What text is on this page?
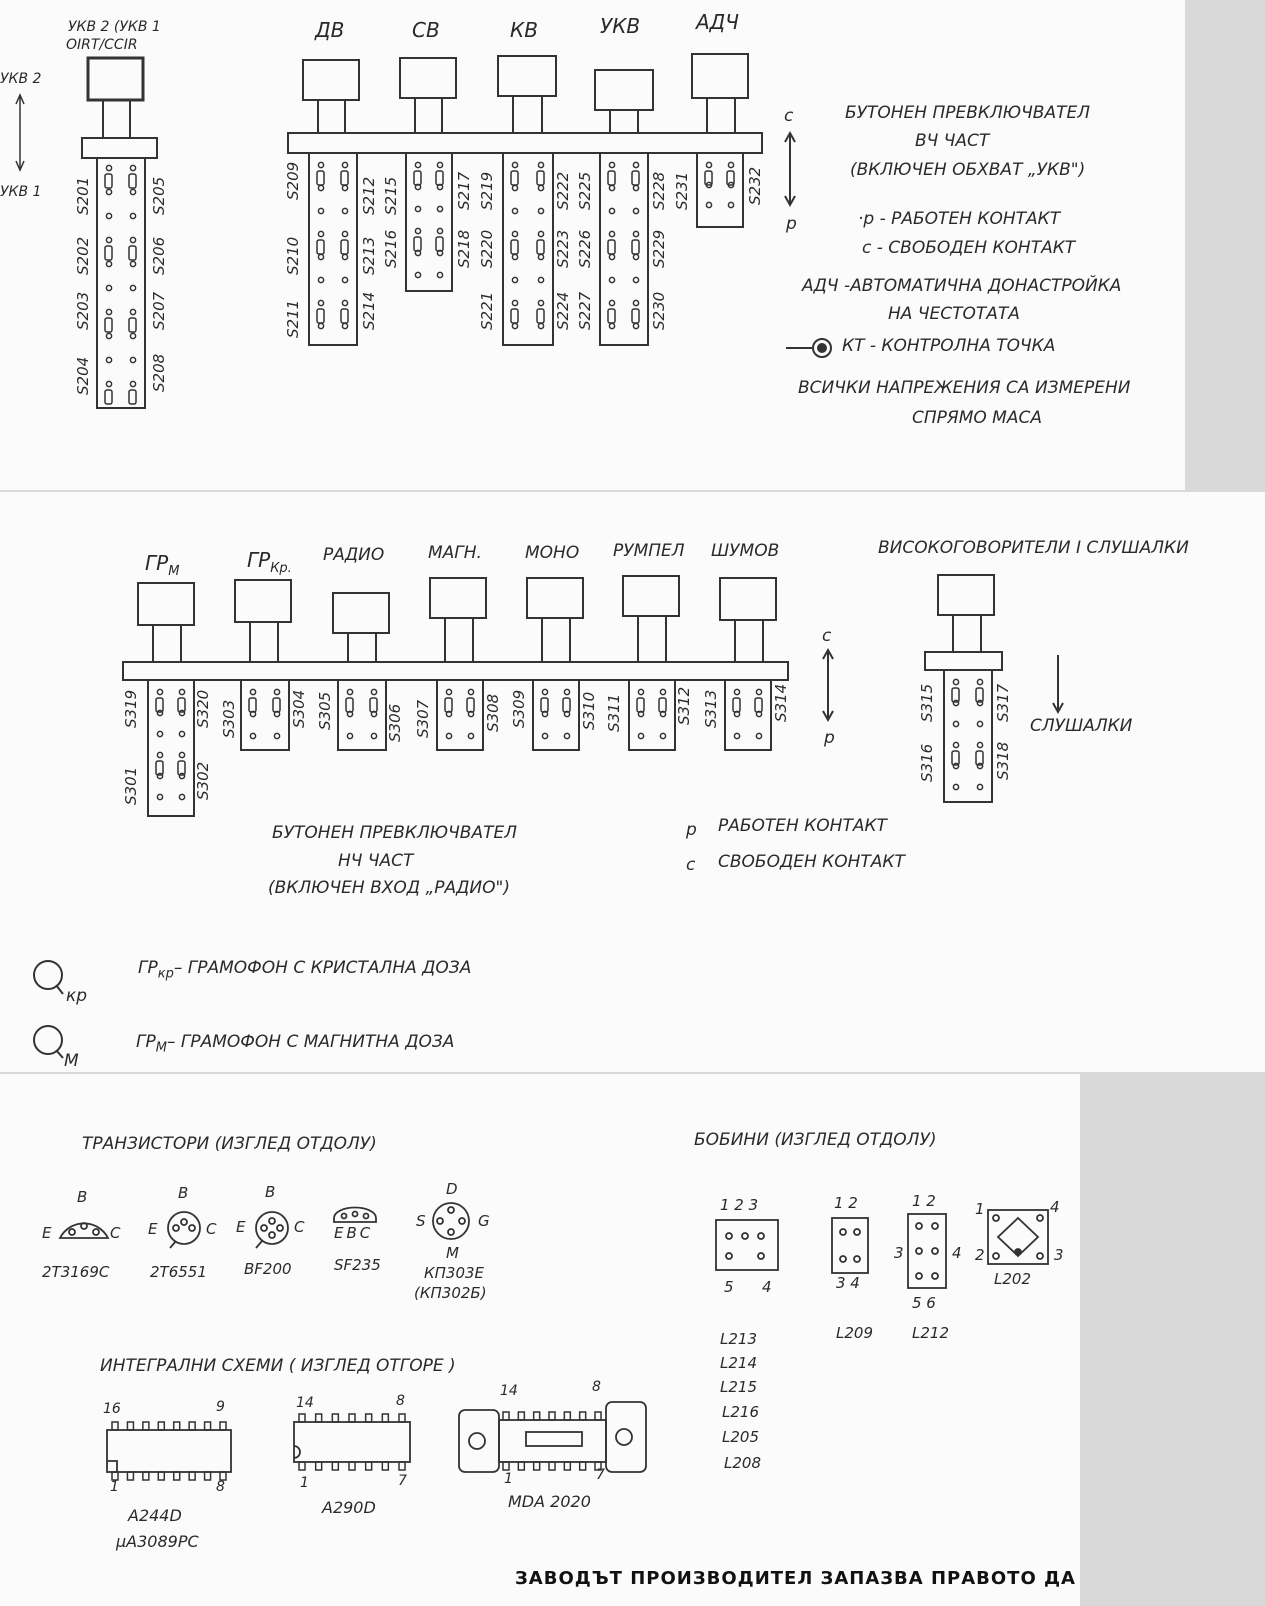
УКВ 2 (УКВ 1
OIRT/CCIR
УКВ 2
УКВ 1 S201
S202
S203
S204
S205
S206
S207
S208
ДВ	СВ	КВ	УКВ	АДЧ
S209
S210
S211
S212
S213
S214
S215
S216
S217
S218
S219
S220
S221
S222
S223
S224
S225
S226
S227
S228
S229
S230
S231	S232
c
p
БУТОНЕН ПРЕВКЛЮЧВАТЕЛ
ВЧ ЧАСТ
(ВКЛЮЧЕН ОБХВАТ „УКВ")
·р - РАБОТЕН КОНТАКТ
с - СВОБОДЕН КОНТАКТ
АДЧ -АВТОМАТИЧНА ДОНАСТРОЙКА
НА ЧЕСТОТАТА
КТ - КОНТРОЛНА ТОЧКА
ВСИЧКИ НАПРЕЖЕНИЯ СА ИЗМЕРЕНИ
СПРЯМО МАСА
$ГР_М$	$ГР_{Кр.}$
РАДИО	МАГН.	МОНО РУМПЕЛ ШУМОВ
S319
S301
S320
S302
S303	S304 S305	S306 S307	S308 S309	S310 S311	S312 S313	S314
c
p
ВИСОКОГОВОРИТЕЛИ I СЛУШАЛКИ
S315
S316
S317
S318
СЛУШАЛКИ
БУТОНЕН ПРЕВКЛЮЧВАТЕЛ
НЧ ЧАСТ
(ВКЛЮЧЕН ВХОД „РАДИО")
р РАБОТЕН КОНТАКТ
с СВОБОДЕН КОНТАКТ
кр
М
$ГР_{кр}-$ ГРАМОФОН С КРИСТАЛНА ДОЗА
$ГР_М-$ ГРАМОФОН С МАГНИТНА ДОЗА
ТРАНЗИСТОРИ (ИЗГЛЕД ОТДОЛУ)
В
Е	С
2Т3169С
В
Е	С
2Т6551
В
Е	С
BF200
ЕВС
SF235
D
S	G
М
КП303Е
(КП302Б)
БОБИНИ (ИЗГЛЕД ОТДОЛУ)
1 2 3
5 4
L213
L214
L215
L216
L205
L208
1 2
3 4
L209
1 2
3	4
5 6
L212
1	4
2	3
L202
ИНТЕГРАЛНИ СХЕМИ ( ИЗГЛЕД ОТГОРЕ )
16	9
1	8
А244D
μА3089РС
14	8
1	7
А290D
14	8
1	7
MDA 2020
ЗАВОДЪТ ПРОИЗВОДИТЕЛ ЗАПАЗВА ПРАВОТО ДА
